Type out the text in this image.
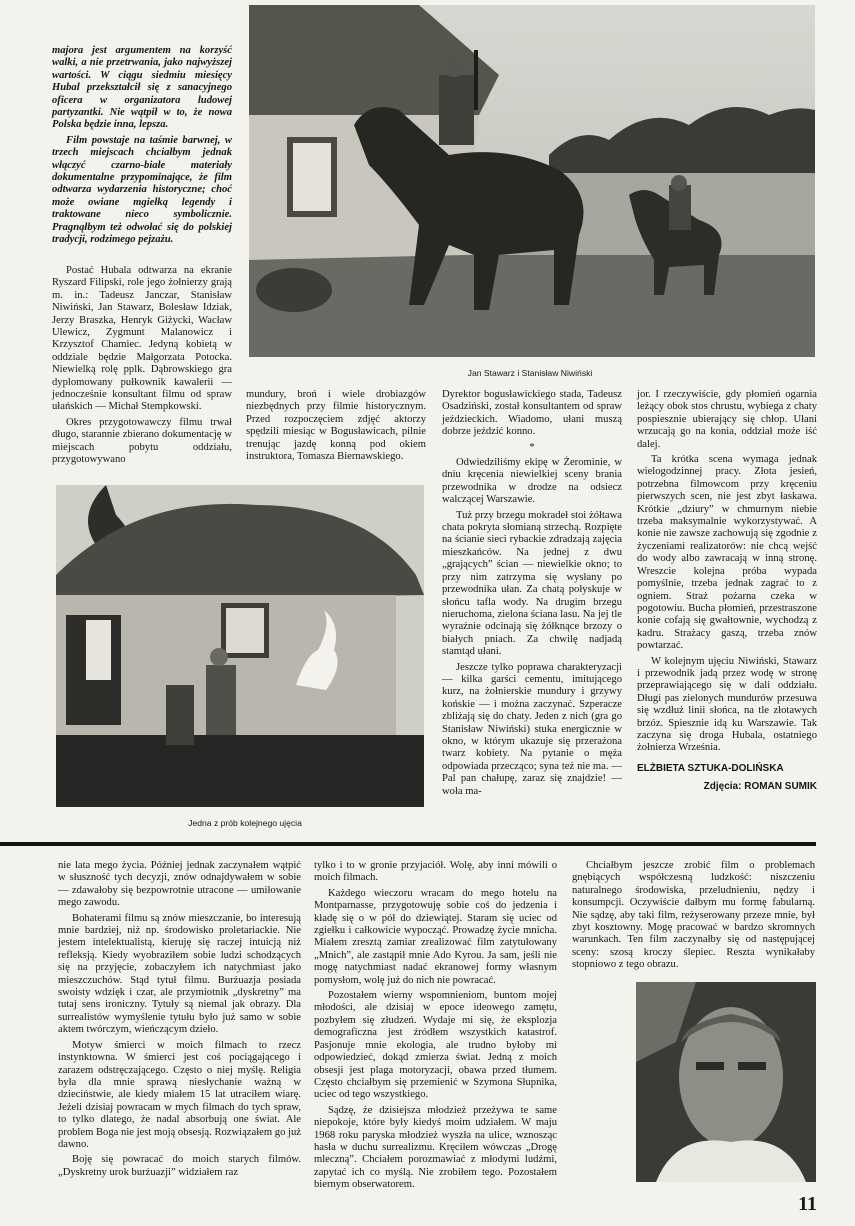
majora jest argumentem na korzyść walki, a nie przetrwania, jako najwyższej wartości. W ciągu siedmiu miesięcy Hubal przekształcił się z sanacyjnego oficera w organizatora ludowej partyzantki. Nie wątpił w to, że nowa Polska będzie inna, lepsza.

Film powstaje na taśmie barwnej, w trzech miejscach chciałbym jednak włączyć czarno-białe materiały dokumentalne przypominające, że film odtwarza wydarzenia historyczne; choć może owiane mgiełką legendy i traktowane nieco symbolicznie. Pragnąłbym też odwołać się do polskiej tradycji, rodzimego pejzażu.

Postać Hubala odtwarza na ekranie Ryszard Filipski, role jego żołnierzy grają m. in.: Tadeusz Janczar, Stanisław Niwiński, Jan Stawarz, Bolesław Idziak, Jerzy Braszka, Henryk Giżycki, Wacław Ulewicz, Zygmunt Malanowicz i Krzysztof Chamiec. Jedyną kobietą w oddziale będzie Małgorzata Potocka. Niewielką rolę pplk. Dąbrowskiego gra dyplomowany pułkownik kawalerii — jednocześnie konsultant filmu od spraw ułańskich — Michał Stempkowski.

Okres przygotowawczy filmu trwał długo, starannie zbierano dokumentację w miejscach pobytu oddziału, przygotowywano

Jan Stawarz i Stanisław Niwiński

mundury, broń i wiele drobiazgów niezbędnych przy filmie historycznym. Przed rozpoczęciem zdjęć aktorzy spędzili miesiąc w Bogusławicach, pilnie trenując jazdę konną pod okiem instruktora, Tomasza Biernawskiego.

Dyrektor bogusławickiego stada, Tadeusz Osadziński, został konsultantem od spraw jeździeckich. Wiadomo, ułani muszą dobrze jeździć konno.

*

Odwiedziliśmy ekipę w Żerominie, w dniu kręcenia niewielkiej sceny brania przewodnika w drodze na odsiecz walczącej Warszawie.

Tuż przy brzegu mokradeł stoi żółtawa chata pokryta słomianą strzechą. Rozpięte na ścianie sieci rybackie zdradzają zajęcia mieszkańców. Na jednej z dwu „grających” ścian — niewielkie okno; to przy nim zatrzyma się wysłany po przewodnika ułan. Za chatą połyskuje w słońcu tafla wody. Na drugim brzegu nieruchoma, zielona ściana lasu. Na jej tle wyraźnie odcinają się żółknące brzozy o białych pniach. Za chwilę nadjadą stamtąd ułani.

Jeszcze tylko poprawa charakteryzacji — kilka garści cementu, imitującego kurz, na żołnierskie mundury i grzywy końskie — i można zaczynać. Szperacze zbliżają się do chaty. Jeden z nich (gra go Stanisław Niwiński) stuka energicznie w okno, w którym ukazuje się przerażona twarz kobiety. Na pytanie o męża odpowiada przecząco; syna też nie ma. — Pal pan chałupę, zaraz się znajdzie! — woła ma-

jor. I rzeczywiście, gdy płomień ogarnia leżący obok stos chrustu, wybiega z chaty pospiesznie ubierający się chłop. Ułani wrzucają go na konia, oddział może iść dalej.

Ta krótka scena wymaga jednak wielogodzinnej pracy. Złota jesień, potrzebna filmowcom przy kręceniu pierwszych scen, nie jest zbyt łaskawa. Krótkie „dziury” w chmurnym niebie trzeba maksymalnie wykorzystywać. A konie nie zawsze zachowują się zgodnie z życzeniami realizatorów: nie chcą wejść do wody albo zawracają w inną stronę. Wreszcie kolejna próba wypada pomyślnie, trzeba jednak zagrać to z ogniem. Straż pożarna czeka w pogotowiu. Bucha płomień, przestraszone konie cofają się gwałtownie, wychodzą z kadru. Strażacy gaszą, trzeba znów powtarzać.

W kolejnym ujęciu Niwiński, Stawarz i przewodnik jadą przez wodę w stronę przeprawiającego się w dali oddziału. Długi pas zielonych mundurów przesuwa się wzdłuż linii słońca, na tle złotawych brzóz. Spiesznie idą ku Warszawie. Tak zaczyna się droga Hubala, ostatniego żołnierza Września.

ELŻBIETA SZTUKA-DOLIŃSKA

Zdjęcia: ROMAN SUMIK

Jedna z prób kolejnego ujęcia

nie lata mego życia. Później jednak zaczynałem wątpić w słuszność tych decyzji, znów odnajdywałem w sobie — zdawałoby się bezpowrotnie utracone — umiłowanie mego zawodu.

Bohaterami filmu są znów mieszczanie, bo interesują mnie bardziej, niż np. środowisko proletariackie. Nie jestem intelektualistą, kieruję się raczej intuicją niż refleksją. Kiedy wyobraziłem sobie ludzi schodzących się na przyjęcie, zobaczyłem ich natychmiast jako mieszczuchów. Stąd tytuł filmu. Burżuazja posiada swoisty wdzięk i czar, ale przymiotnik „dyskretny” ma tutaj sens ironiczny. Tytuły są niemal jak obrazy. Dla surrealistów wymyślenie tytułu było już samo w sobie aktem twórczym, wieńczącym dzieło.

Motyw śmierci w moich filmach to rzecz instynktowna. W śmierci jest coś pociągającego i zarazem odstręczającego. Często o niej myślę. Religia była dla mnie sprawą niesłychanie ważną w dzieciństwie, ale kiedy miałem 15 lat utraciłem wiarę. Jeżeli dzisiaj powracam w mych filmach do tych spraw, to tylko dlatego, że nadal absorbują one świat. Ale problem Boga nie jest moją obsesją. Rozwiązałem go już dawno.

Boję się powracać do moich starych filmów. „Dyskretny urok burżuazji” widziałem raz

tylko i to w gronie przyjaciół. Wolę, aby inni mówili o moich filmach.

Każdego wieczoru wracam do mego hotelu na Montparnasse, przygotowuję sobie coś do jedzenia i kładę się o w pół do dziewiątej. Staram się uciec od zgiełku i całkowicie wypocząć. Prowadzę życie mnicha. Miałem zresztą zamiar zrealizować film zatytułowany „Mnich”, ale zastąpił mnie Ado Kyrou. Ja sam, jeśli nie mogę natychmiast nadać ekranowej formy własnym pomysłom, wolę już do nich nie powracać.

Pozostałem wierny wspomnieniom, buntom mojej młodości, ale dzisiaj w epoce ideowego zamętu, pozbyłem się złudzeń. Wydaje mi się, że eksplozja demograficzna jest źródłem wszystkich katastrof. Pasjonuje mnie ekologia, ale trudno byłoby mi odpowiedzieć, dokąd zmierza świat. Jedną z moich obsesji jest plaga motoryzacji, obawa przed tłumem. Często chciałbym się przemienić w Szymona Słupnika, uciec od tego wszystkiego.

Sądzę, że dzisiejsza młodzież przeżywa te same niepokoje, które były kiedyś moim udziałem. W maju 1968 roku paryska młodzież wyszła na ulice, wznosząc hasła w duchu surrealizmu. Kręciłem wówczas „Drogę mleczną”. Chciałem porozmawiać z młodymi ludźmi, zapytać ich co myślą. Nie zrobiłem tego. Pozostałem biernym obserwatorem.

Chciałbym jeszcze zrobić film o problemach gnębiących współczesną ludzkość: niszczeniu naturalnego środowiska, przeludnieniu, nędzy i konsumpcji. Oczywiście dałbym mu formę fabularną. Nie sądzę, aby taki film, reżyserowany przeze mnie, był zbyt kosztowny. Mogę pracować w bardzo skromnych warunkach. Ten film zaczynałby się od następującej sceny: szosą kroczy ślepiec. Reszta wynikałaby stopniowo z tego obrazu.

11
